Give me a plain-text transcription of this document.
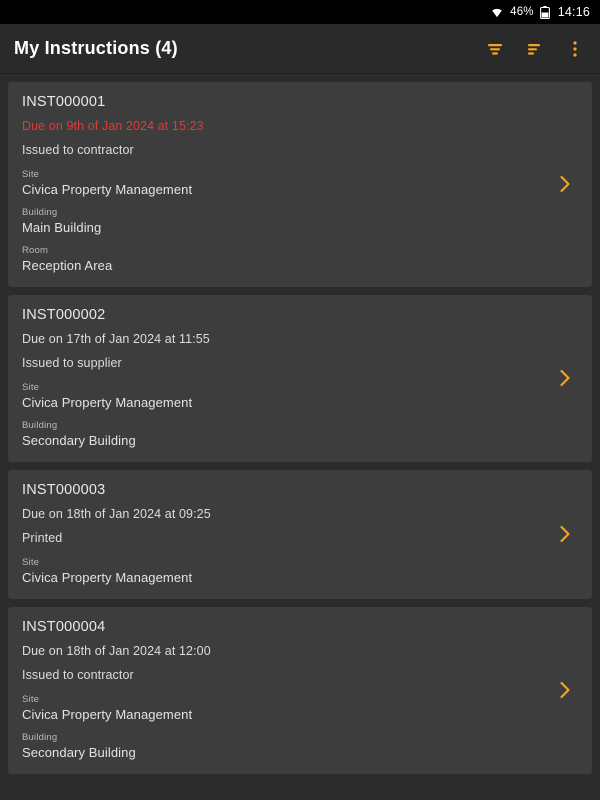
46% 14:16
My Instructions (4)
INST000001
Due on 9th of Jan 2024 at 15:23
Issued to contractor
Site
Civica Property Management
Building
Main Building
Room
Reception Area
INST000002
Due on 17th of Jan 2024 at 11:55
Issued to supplier
Site
Civica Property Management
Building
Secondary Building
INST000003
Due on 18th of Jan 2024 at 09:25
Printed
Site
Civica Property Management
INST000004
Due on 18th of Jan 2024 at 12:00
Issued to contractor
Site
Civica Property Management
Building
Secondary Building
